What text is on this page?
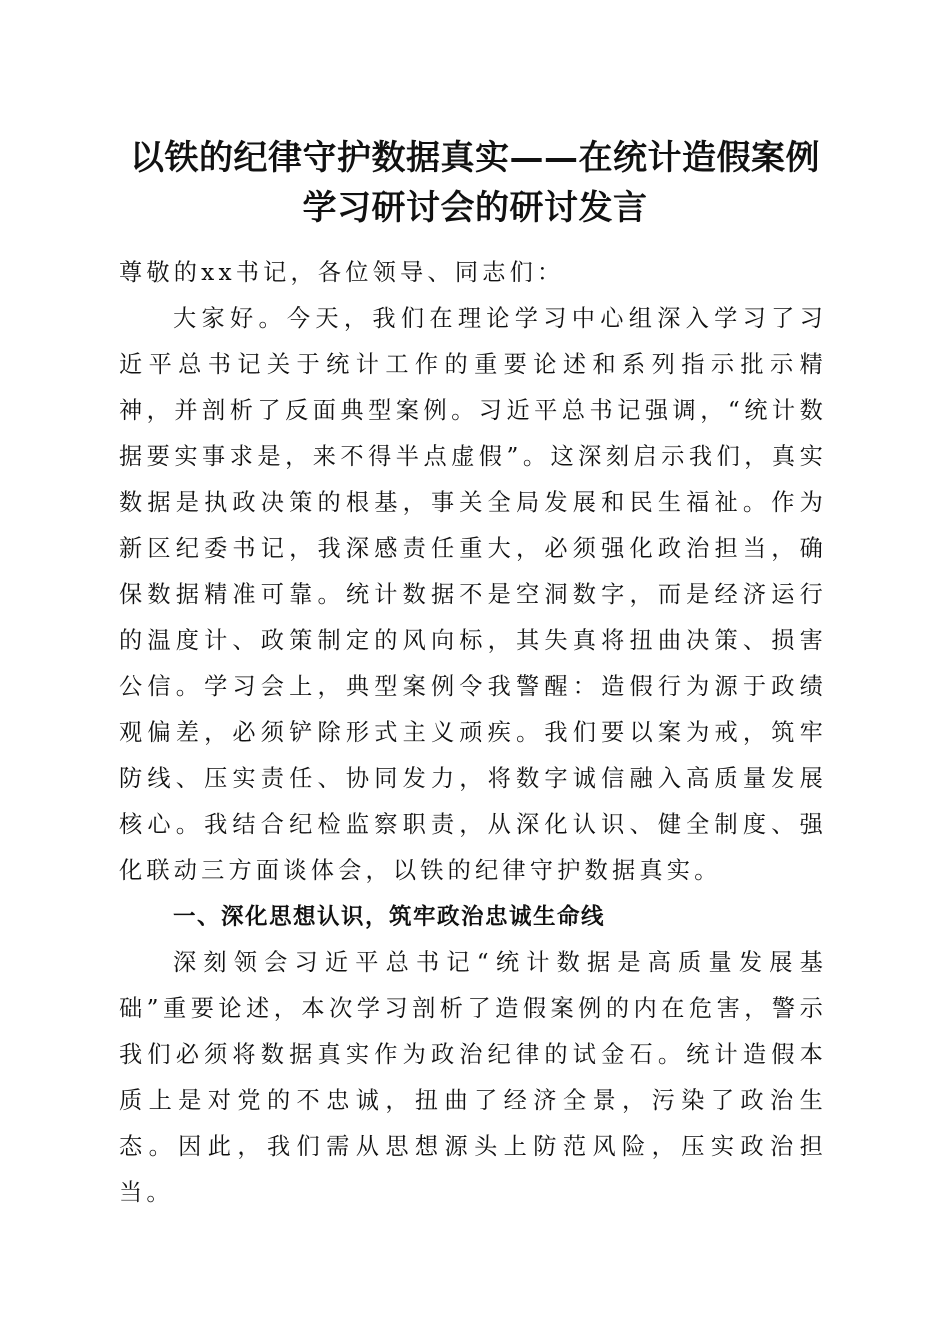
以铁的纪律守护数据真实——在统计造假案例
学习研讨会的研讨发言

尊敬的xx书记，各位领导、同志们：

大家好。今天，我们在理论学习中心组深入学习了习近平总书记关于统计工作的重要论述和系列指示批示精神，并剖析了反面典型案例。习近平总书记强调，“统计数据要实事求是，来不得半点虚假”。这深刻启示我们，真实数据是执政决策的根基，事关全局发展和民生福祉。作为新区纪委书记，我深感责任重大，必须强化政治担当，确保数据精准可靠。统计数据不是空洞数字，而是经济运行的温度计、政策制定的风向标，其失真将扭曲决策、损害公信。学习会上，典型案例令我警醒：造假行为源于政绩观偏差，必须铲除形式主义顽疾。我们要以案为戒，筑牢防线、压实责任、协同发力，将数字诚信融入高质量发展核心。我结合纪检监察职责，从深化认识、健全制度、强化联动三方面谈体会，以铁的纪律守护数据真实。

一、深化思想认识，筑牢政治忠诚生命线

深刻领会习近平总书记“统计数据是高质量发展基础”重要论述，本次学习剖析了造假案例的内在危害，警示我们必须将数据真实作为政治纪律的试金石。统计造假本质上是对党的不忠诚，扭曲了经济全景，污染了政治生态。因此，我们需从思想源头上防范风险，压实政治担当。
